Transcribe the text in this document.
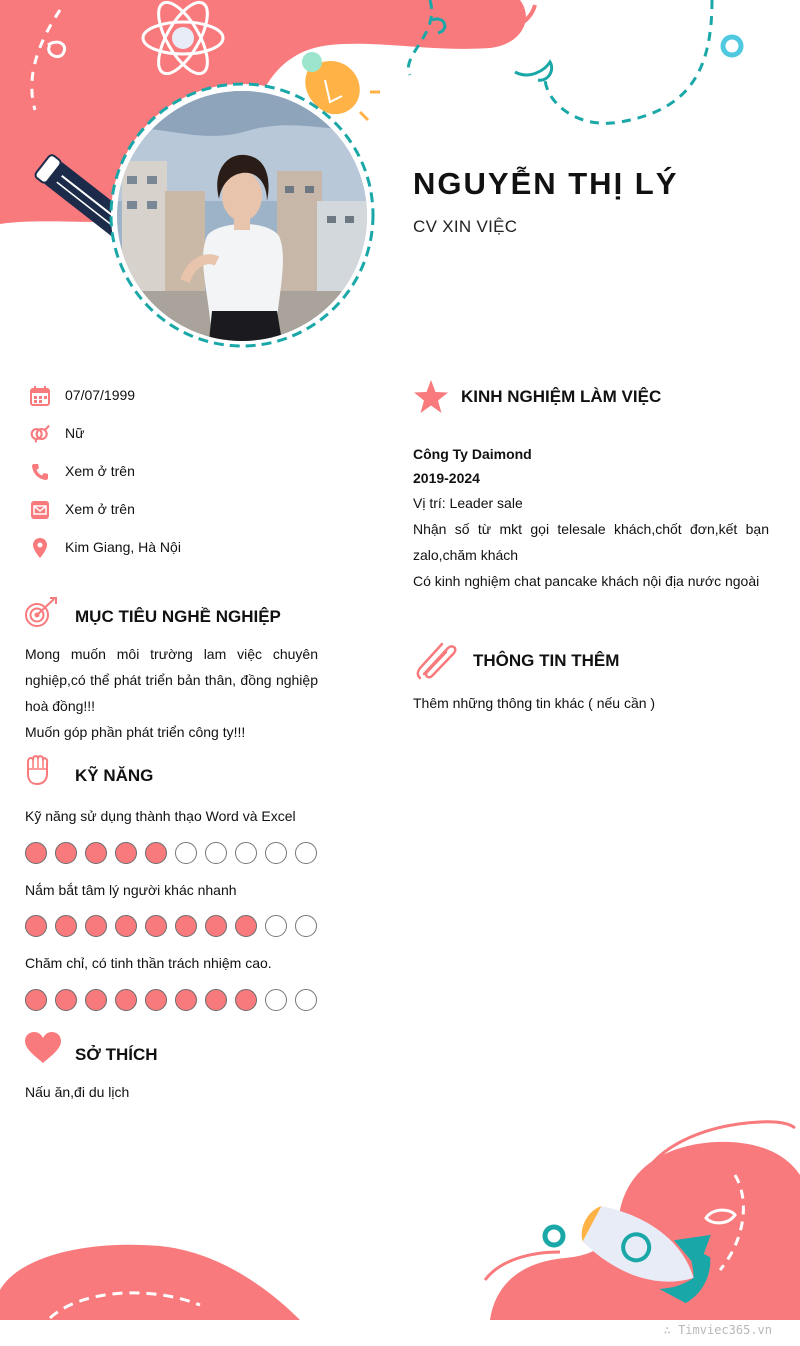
NGUYỄN THỊ LÝ
CV XIN VIỆC
07/07/1999
Nữ
Xem ở trên
Xem ở trên
Kim Giang, Hà Nội
MỤC TIÊU NGHỀ NGHIỆP
Mong muốn môi trường lam việc chuyên nghiệp,có thể phát triển bản thân, đồng nghiệp hoà đồng!!!
Muốn góp phần phát triển công ty!!!
KỸ NĂNG
Kỹ năng sử dụng thành thạo Word và Excel
Nắm bắt tâm lý người khác nhanh
Chăm chỉ, có tinh thần trách nhiệm cao.
SỞ THÍCH
Nấu ăn,đi du lịch
KINH NGHIỆM LÀM VIỆC
Công Ty Daimond
2019-2024
Vị trí: Leader sale
Nhận số từ mkt gọi telesale khách,chốt đơn,kết bạn zalo,chăm khách
Có kinh nghiệm chat pancake khách nội địa nước ngoài
THÔNG TIN THÊM
Thêm những thông tin khác ( nếu cần )
∴ Timviec365.vn
